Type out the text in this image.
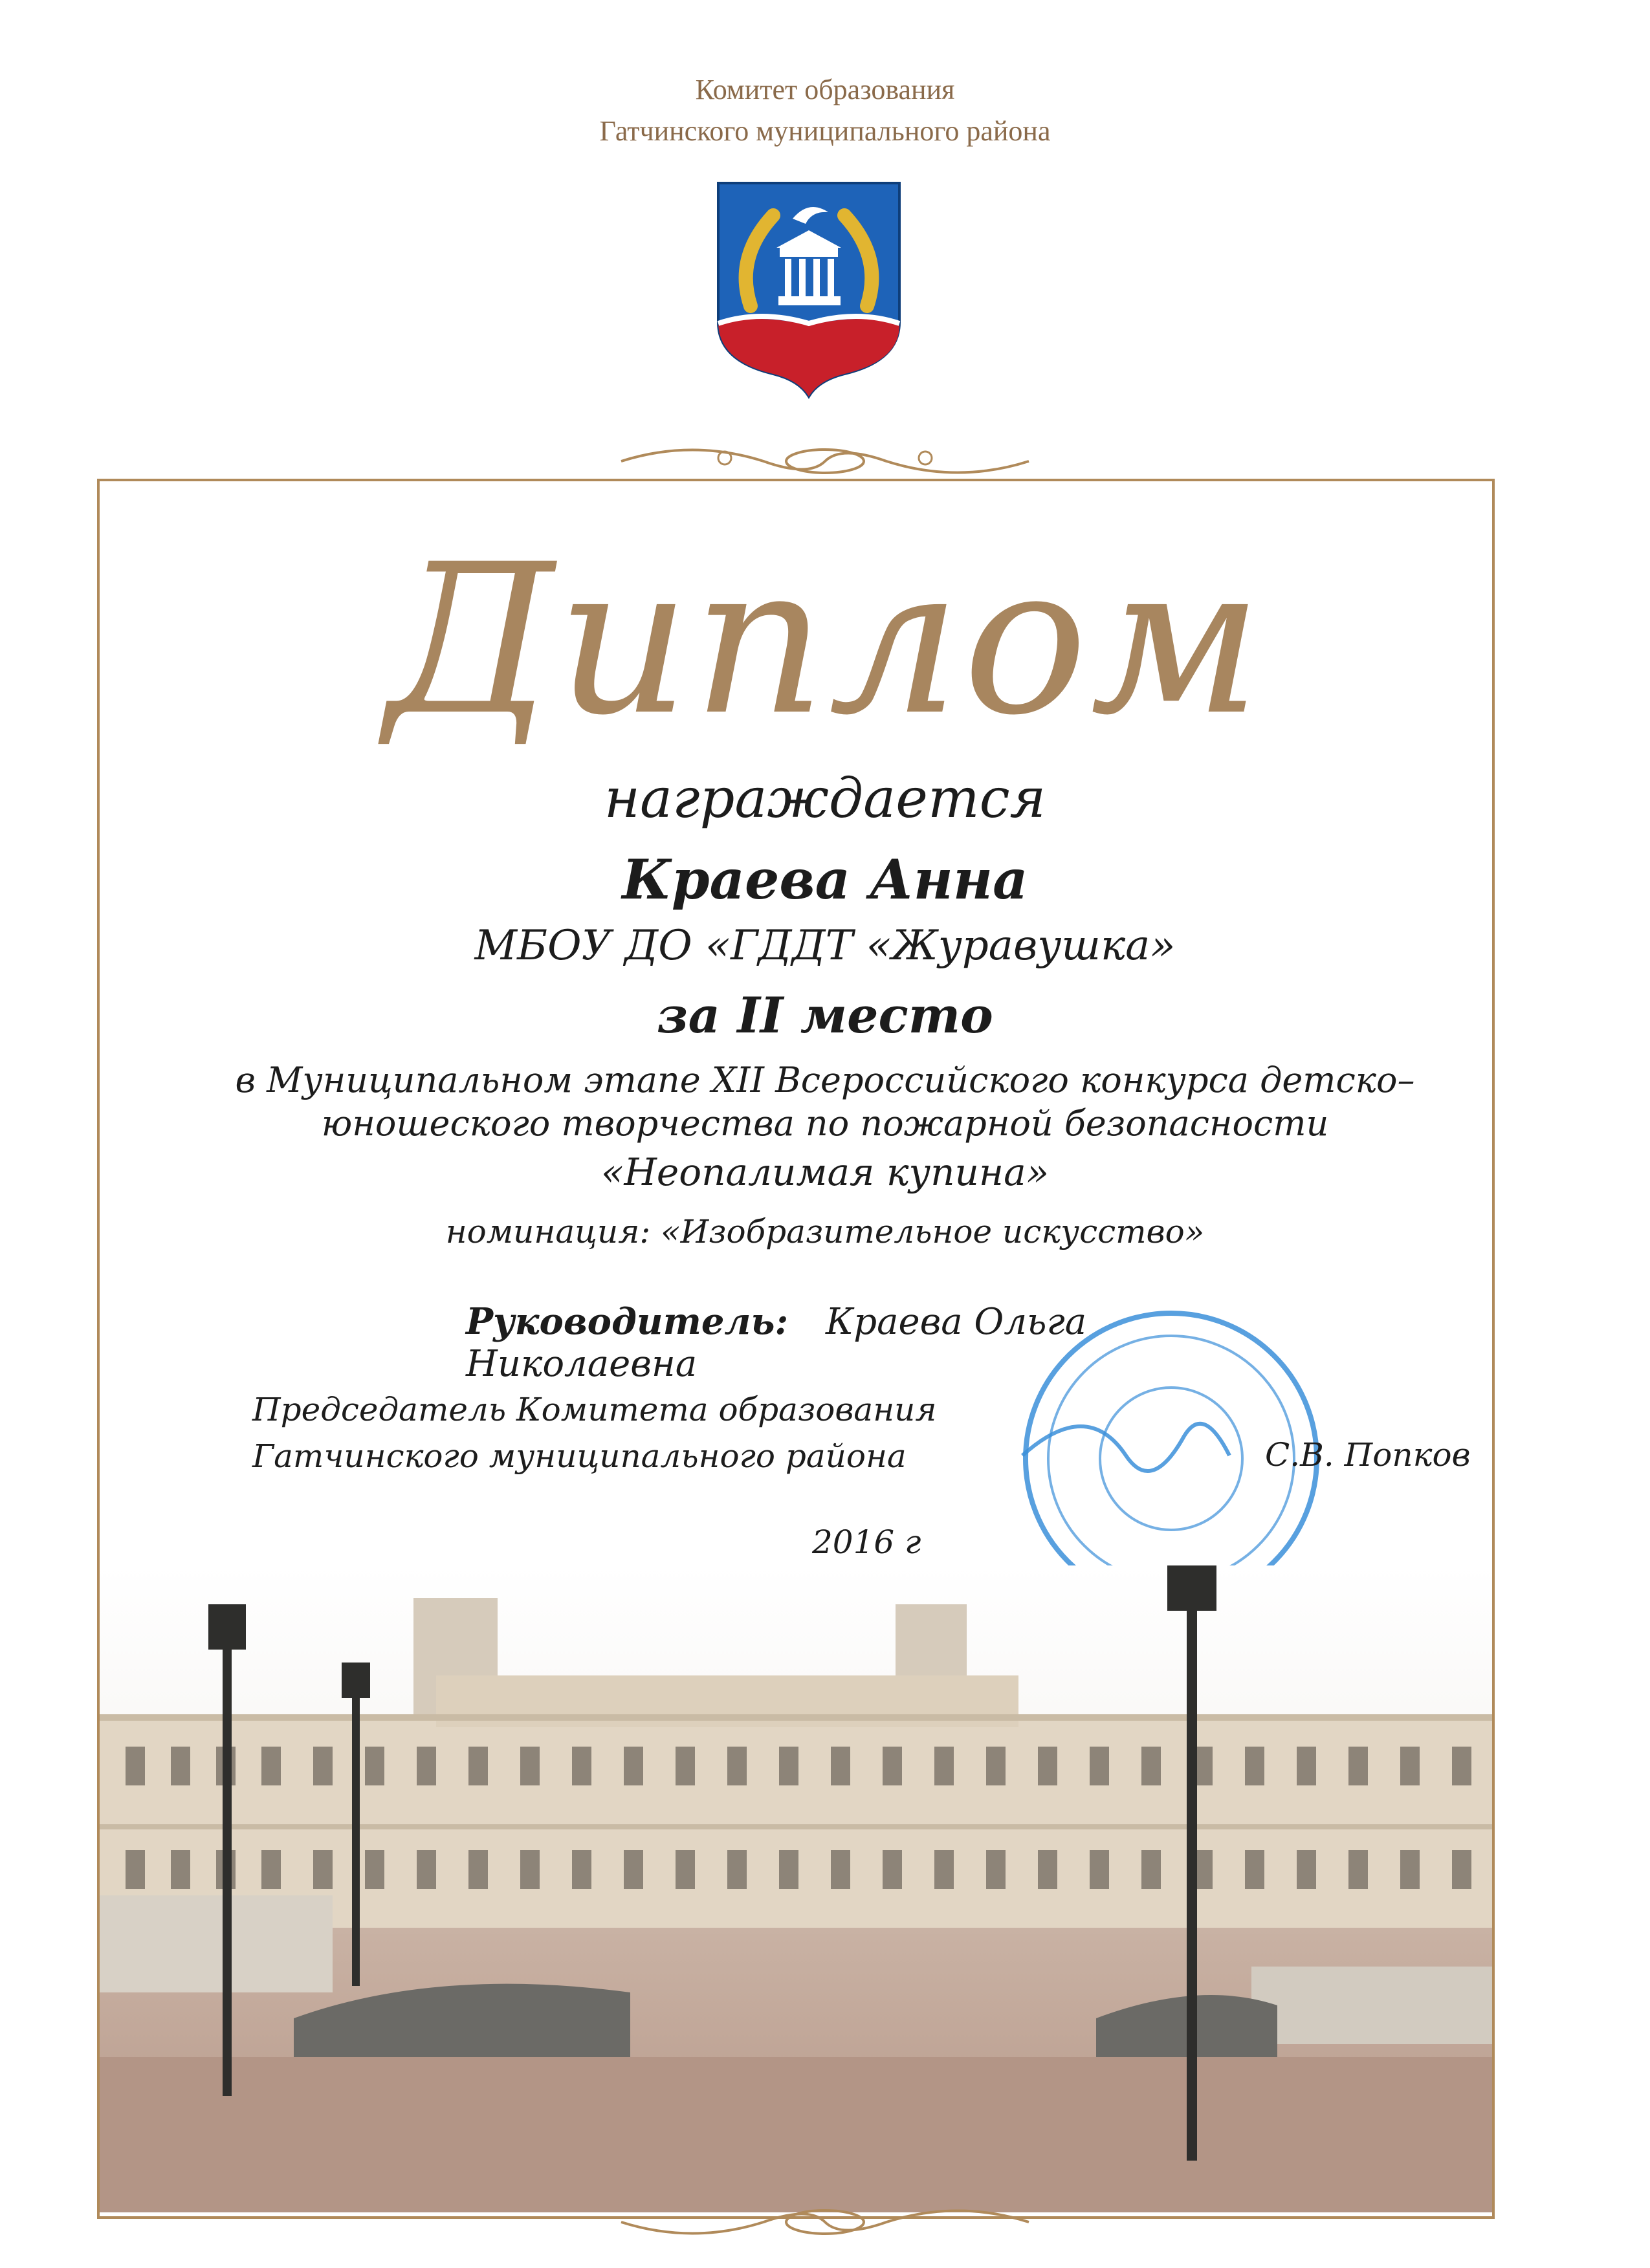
Комитет образования
Гатчинского муниципального района
Диплом
награждается
Краева Анна
МБОУ ДО «ГДДТ «Журавушка»
за II место
в Муниципальном этапе XII Всероссийского конкурса детско–
юношеского творчества по пожарной безопасности
«Неопалимая купина»
номинация: «Изобразительное искусство»
Руководитель: Краева Ольга Николаевна
Председатель Комитета образования
Гатчинского муниципального района	С.В. Попков
2016 г
